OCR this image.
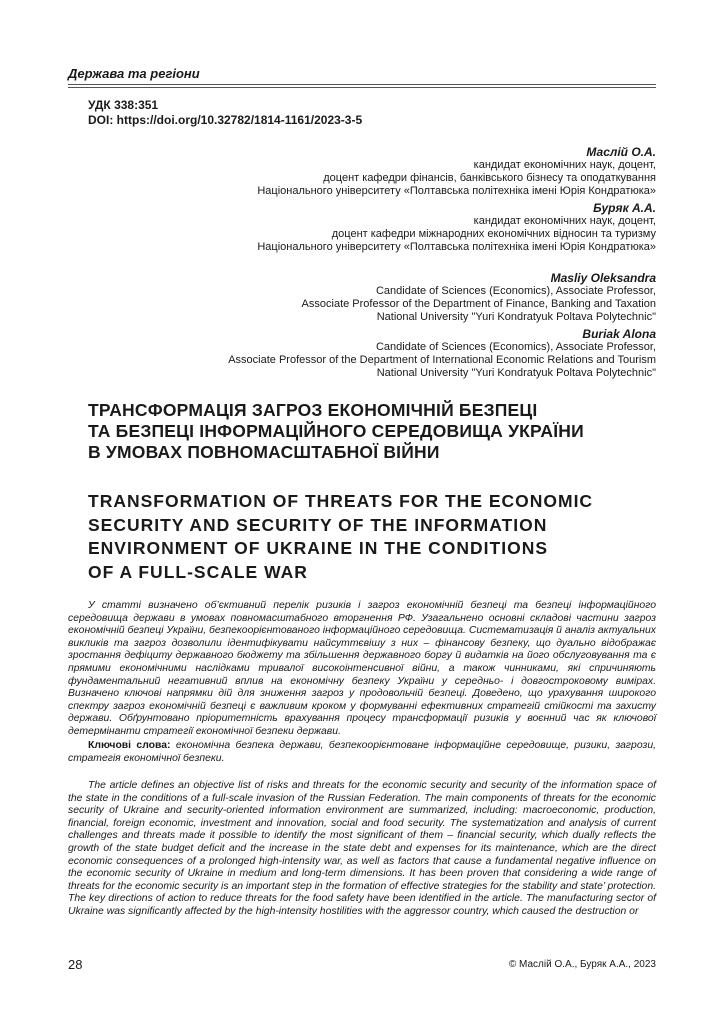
Держава та регіони
УДК 338:351
DOI: https://doi.org/10.32782/1814-1161/2023-3-5
Маслій О.А.
кандидат економічних наук, доцент,
доцент кафедри фінансів, банківського бізнесу та оподаткування
Національного університету «Полтавська політехніка імені Юрія Кондратюка»
Буряк А.А.
кандидат економічних наук, доцент,
доцент кафедри міжнародних економічних відносин та туризму
Національного університету «Полтавська політехніка імені Юрія Кондратюка»
Masliy Oleksandra
Candidate of Sciences (Economics), Associate Professor,
Associate Professor of the Department of Finance, Banking and Taxation
National University "Yuri Kondratyuk Poltava Polytechnic"
Buriak Alona
Candidate of Sciences (Economics), Associate Professor,
Associate Professor of the Department of International Economic Relations and Tourism
National University "Yuri Kondratyuk Poltava Polytechnic"
ТРАНСФОРМАЦІЯ ЗАГРОЗ ЕКОНОМІЧНІЙ БЕЗПЕЦІ
ТА БЕЗПЕЦІ ІНФОРМАЦІЙНОГО СЕРЕДОВИЩА УКРАЇНИ
В УМОВАХ ПОВНОМАСШТАБНОЇ ВІЙНИ
TRANSFORMATION OF THREATS FOR THE ECONOMIC
SECURITY AND SECURITY OF THE INFORMATION
ENVIRONMENT OF UKRAINE IN THE CONDITIONS
OF A FULL-SCALE WAR
У статті визначено об’єктивний перелік ризиків і загроз економічній безпеці та безпеці інформаційного середовища держави в умовах повномасштабного вторгнення РФ. Узагальнено основні складові частини загроз економічній безпеці України, безпекоорієнтованого інформаційного середовища. Систематизація й аналіз актуальних викликів та загроз дозволили ідентифікувати найсуттєвішу з них – фінансову безпеку, що дуально відображає зростання дефіциту державного бюджету та збільшення державного боргу й видатків на його обслуговування та є прямими економічними наслідками тривалої високоінтенсивної війни, а також чинниками, які спричиняють фундаментальний негативний вплив на економічну безпеку України у середньо- і довгостроковому вимірах. Визначено ключові напрямки дій для зниження загроз у продовольчій безпеці. Доведено, що урахування широкого спектру загроз економічній безпеці є важливим кроком у формуванні ефективних стратегій стійкості та захисту держави. Обґрунтовано пріоритетність врахування процесу трансформації ризиків у воєнний час як ключової детермінанти стратегії економічної безпеки держави.
Ключові слова: економічна безпека держави, безпекоорієнтоване інформаційне середовище, ризики, загрози, стратегія економічної безпеки.
The article defines an objective list of risks and threats for the economic security and security of the information space of the state in the conditions of a full-scale invasion of the Russian Federation. The main components of threats for the economic security of Ukraine and security-oriented information environment are summarized, including: macroeconomic, production, financial, foreign economic, investment and innovation, social and food security. The systematization and analysis of current challenges and threats made it possible to identify the most significant of them – financial security, which dually reflects the growth of the state budget deficit and the increase in the state debt and expenses for its maintenance, which are the direct economic consequences of a prolonged high-intensity war, as well as factors that cause a fundamental negative influence on the economic security of Ukraine in medium and long-term dimensions. It has been proven that considering a wide range of threats for the economic security is an important step in the formation of effective strategies for the stability and state’ protection. The key directions of action to reduce threats for the food safety have been identified in the article. The manufacturing sector of Ukraine was significantly affected by the high-intensity hostilities with the aggressor country, which caused the destruction or
28	© Маслій О.А., Буряк А.А., 2023
